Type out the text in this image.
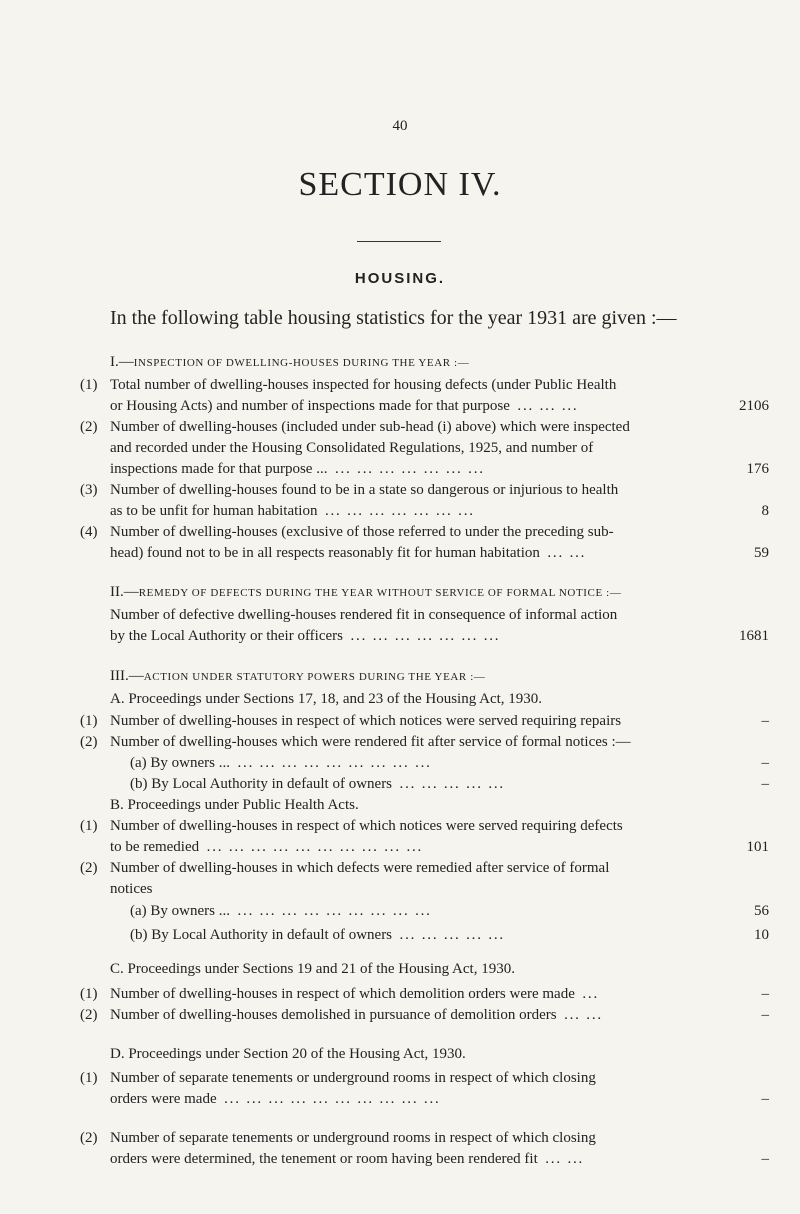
40
SECTION IV.
HOUSING.
In the following table housing statistics for the year 1931 are given :—
I.—INSPECTION OF DWELLING-HOUSES DURING THE YEAR :—
(1) Total number of dwelling-houses inspected for housing defects (under Public Health
or Housing Acts) and number of inspections made for that purpose ... ... ...	2106
(2) Number of dwelling-houses (included under sub-head (i) above) which were inspected
and recorded under the Housing Consolidated Regulations, 1925, and number of
inspections made for that purpose ... ... ... ... ... ... ... ...	176
(3) Number of dwelling-houses found to be in a state so dangerous or injurious to health
as to be unfit for human habitation ... ... ... ... ... ... ...	8
(4) Number of dwelling-houses (exclusive of those referred to under the preceding sub-
head) found not to be in all respects reasonably fit for human habitation ... ...	59
II.—REMEDY OF DEFECTS DURING THE YEAR WITHOUT SERVICE OF FORMAL NOTICE :—
Number of defective dwelling-houses rendered fit in consequence of informal action
by the Local Authority or their officers ... ... ... ... ... ... ...	1681
III.—ACTION UNDER STATUTORY POWERS DURING THE YEAR :—
A. Proceedings under Sections 17, 18, and 23 of the Housing Act, 1930.
(1) Number of dwelling-houses in respect of which notices were served requiring repairs	–
(2) Number of dwelling-houses which were rendered fit after service of formal notices :—
(a) By owners ... ... ... ... ... ... ... ... ... ...	–
(b) By Local Authority in default of owners ... ... ... ... ...	–
B. Proceedings under Public Health Acts.
(1) Number of dwelling-houses in respect of which notices were served requiring defects
to be remedied ... ... ... ... ... ... ... ... ... ...	101
(2) Number of dwelling-houses in which defects were remedied after service of formal
notices
(a) By owners ... ... ... ... ... ... ... ... ... ...	56
(b) By Local Authority in default of owners ... ... ... ... ...	10
C. Proceedings under Sections 19 and 21 of the Housing Act, 1930.
(1) Number of dwelling-houses in respect of which demolition orders were made ...	–
(2) Number of dwelling-houses demolished in pursuance of demolition orders ... ...	–
D. Proceedings under Section 20 of the Housing Act, 1930.
(1) Number of separate tenements or underground rooms in respect of which closing
orders were made ... ... ... ... ... ... ... ... ... ...	–
(2) Number of separate tenements or underground rooms in respect of which closing
orders were determined, the tenement or room having been rendered fit ... ...	–
